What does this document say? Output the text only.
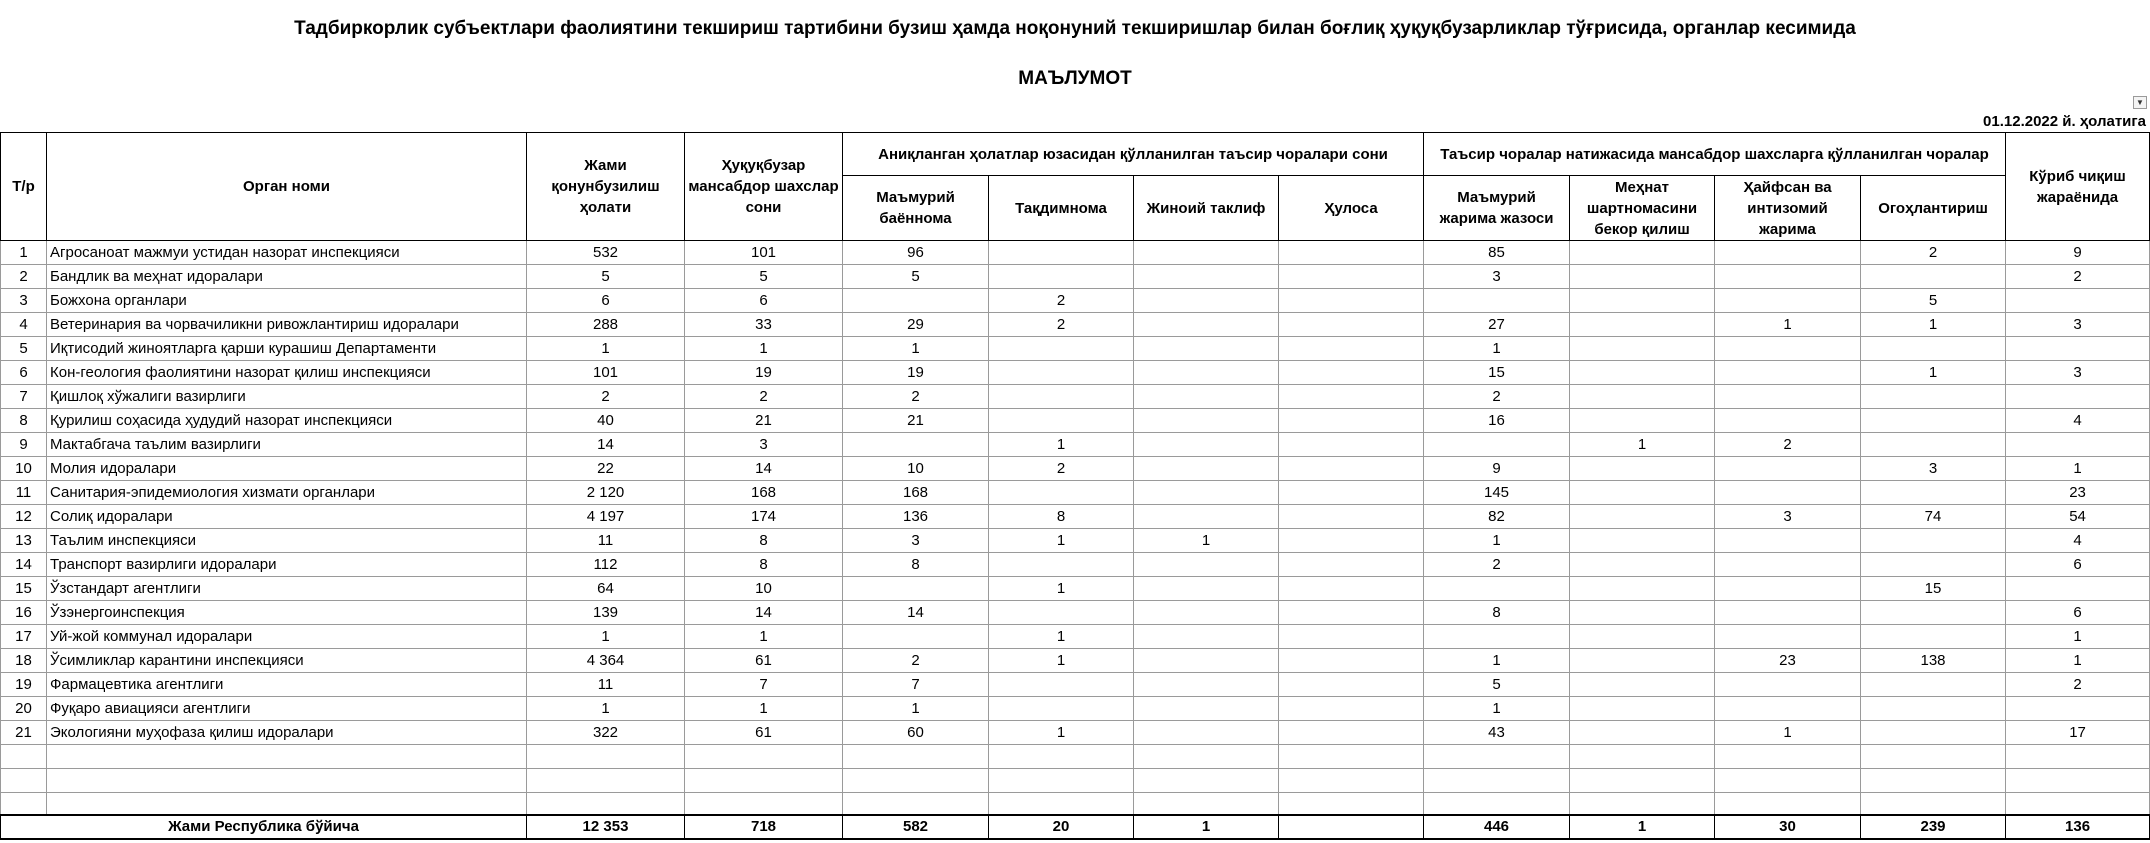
Тадбиркорлик субъектлари фаолиятини текшириш тартибини бузиш ҳамда ноқонуний текширишлар билан боғлиқ ҳуқуқбузарликлар тўғрисида, органлар кесимида
МАЪЛУМОТ
▼
01.12.2022 й. ҳолатига
Т/р	Орган номи	Жами қонунбузилиш ҳолати	Ҳуқуқбузар мансабдор шахслар сони	Аниқланган ҳолатлар юзасидан қўлланилган таъсир чоралари сони				Таъсир чоралар натижасида мансабдор шахсларга қўлланилган чоралар				Кўриб чиқиш жараёнида
				Маъмурий баённома	Тақдимнома	Жиноий таклиф	Ҳулоса	Маъмурий жарима жазоси	Меҳнат шартномасини бекор қилиш	Ҳайфсан ва интизомий жарима	Огоҳлантириш	
1	Агросаноат мажмуи устидан назорат инспекцияси	532	101	96				85			2	9
2	Бандлик ва меҳнат идоралари	5	5	5				3				2
3	Божхона органлари	6	6		2						5	
4	Ветеринария ва чорвачиликни ривожлантириш идоралари	288	33	29	2			27		1	1	3
5	Иқтисодий жиноятларга қарши курашиш Департаменти	1	1	1				1				
6	Кон-геология фаолиятини назорат қилиш инспекцияси	101	19	19				15			1	3
7	Қишлоқ хўжалиги вазирлиги	2	2	2				2				
8	Қурилиш соҳасида ҳудудий назорат инспекцияси	40	21	21				16				4
9	Мактабгача таълим вазирлиги	14	3		1				1	2		
10	Молия идоралари	22	14	10	2			9			3	1
11	Санитария-эпидемиология хизмати органлари	2 120	168	168				145				23
12	Солиқ идоралари	4 197	174	136	8			82		3	74	54
13	Таълим инспекцияси	11	8	3	1	1		1				4
14	Транспорт вазирлиги идоралари	112	8	8				2				6
15	Ўзстандарт агентлиги	64	10		1						15	
16	Ўзэнергоинспекция	139	14	14				8				6
17	Уй-жой коммунал идоралари	1	1		1							1
18	Ўсимликлар карантини инспекцияси	4 364	61	2	1			1		23	138	1
19	Фармацевтика агентлиги	11	7	7				5				2
20	Фуқаро авиацияси агентлиги	1	1	1				1				
21	Экологияни муҳофаза қилиш идоралари	322	61	60	1			43		1		17

Жами Республика бўйича		12 353	718	582	20	1		446	1	30	239	136
